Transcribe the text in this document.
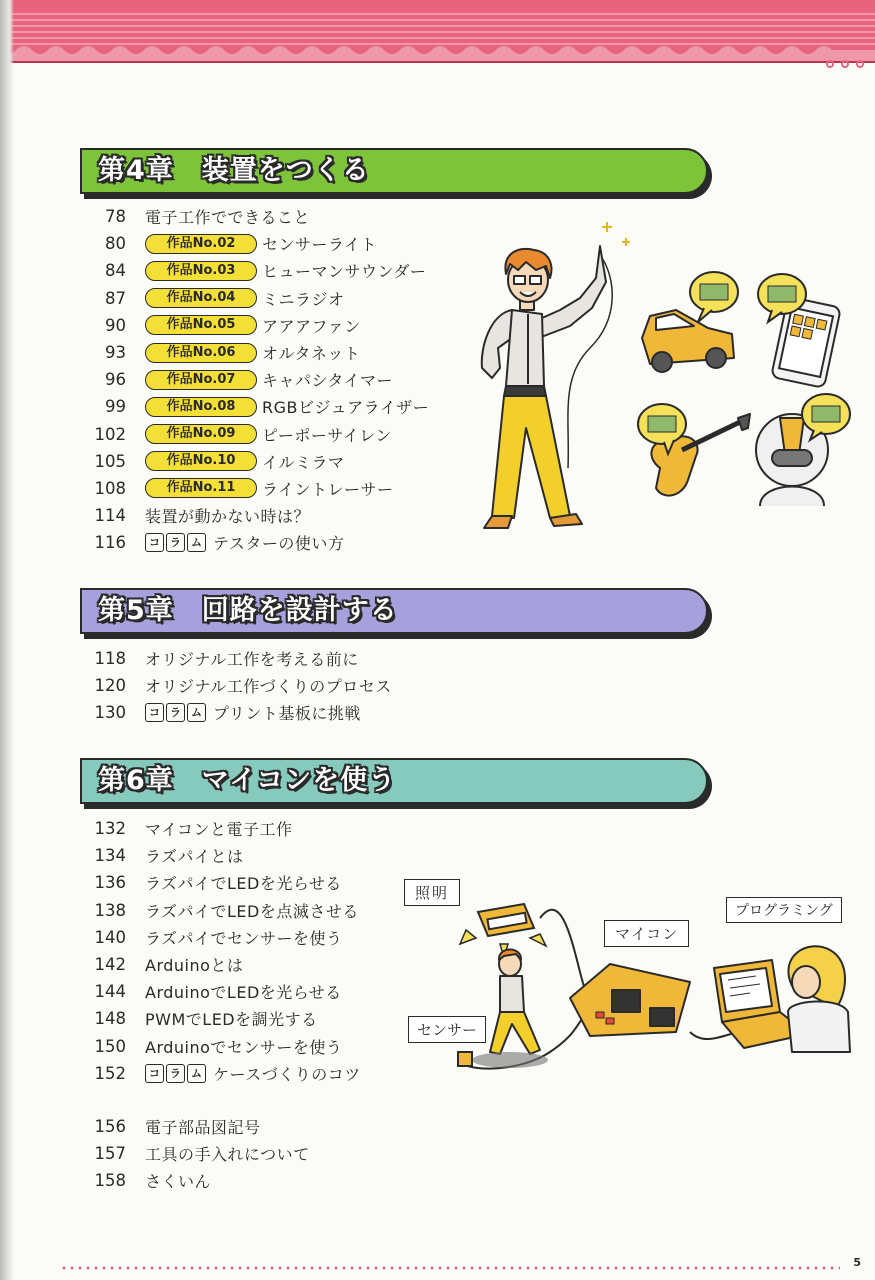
第4章　装置をつくる
78 電子工作でできること
80	作品No.02	センサーライト
84	作品No.03	ヒューマンサウンダー
87	作品No.04	ミニラジオ
90	作品No.05	アアアファン
93	作品No.06	オルタネット
96	作品No.07	キャパシタイマー
99	作品No.08	RGBビジュアライザー
102	作品No.09	ピーポーサイレン
105	作品No.10	イルミラマ
108	作品No.11	ライントレーサー
114 装置が動かない時は？
116	コ ラ ム テスターの使い方
第5章　回路を設計する
118 オリジナル工作を考える前に
120 オリジナル工作づくりのプロセス
130	コ ラ ム プリント基板に挑戦
第6章　マイコンを使う
132 マイコンと電子工作
134 ラズパイとは
136 ラズパイでLEDを光らせる
138 ラズパイでLEDを点滅させる
140 ラズパイでセンサーを使う
142 Arduinoとは
144 ArduinoでLEDを光らせる
148 PWMでLEDを調光する
150 Arduinoでセンサーを使う
152	コ ラ ム ケースづくりのコツ
照明
マイコン
プログラミング
センサー
156 電子部品図記号
157 工具の手入れについて
158 さくいん
5
